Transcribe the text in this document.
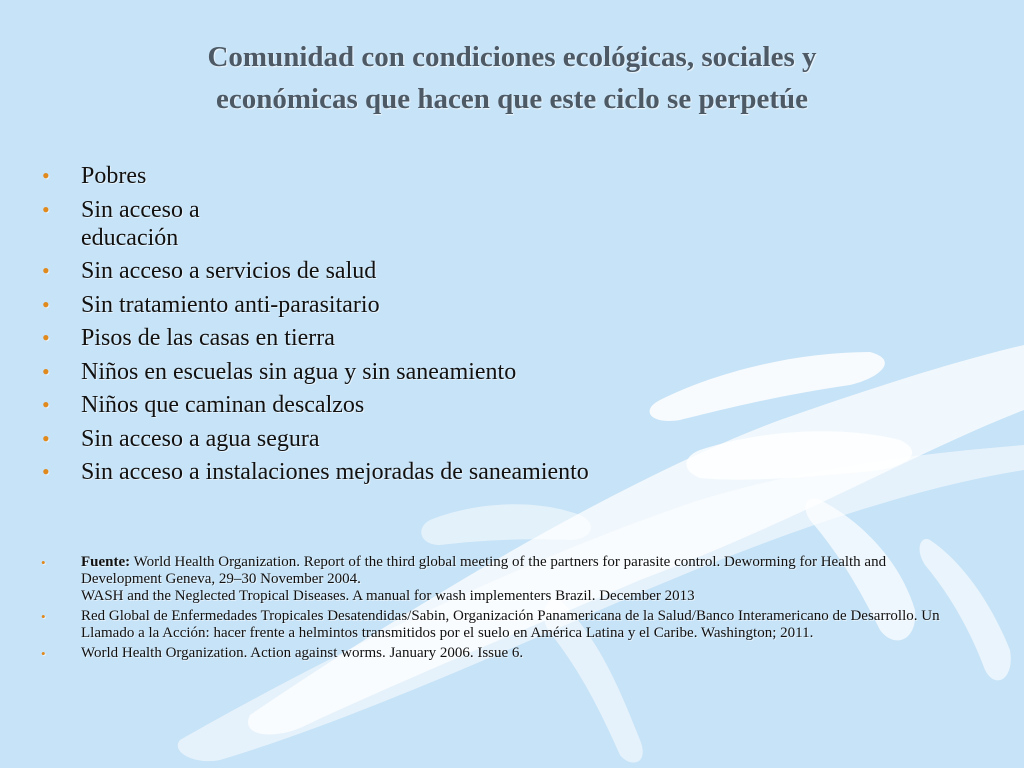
Comunidad con condiciones ecológicas, sociales y
económicas que hacen que este ciclo se perpetúe
• Pobres
• Sin acceso a educación
• Sin acceso a servicios de salud
• Sin tratamiento anti-parasitario
• Pisos de las casas en tierra
• Niños en escuelas sin agua y sin saneamiento
• Niños que caminan descalzos
• Sin acceso a agua segura
• Sin acceso a instalaciones mejoradas de saneamiento
• Fuente: World Health Organization. Report of the third global meeting of the partners for parasite control. Deworming for Health and Development Geneva, 29–30 November 2004.
WASH and the Neglected Tropical Diseases. A manual for wash implementers Brazil. December 2013
• Red Global de Enfermedades Tropicales Desatendidas/Sabin, Organización Panamericana de la Salud/Banco Interamericano de Desarrollo. Un Llamado a la Acción: hacer frente a helmintos transmitidos por el suelo en América Latina y el Caribe. Washington; 2011.
• World Health Organization. Action against worms. January 2006. Issue 6.
